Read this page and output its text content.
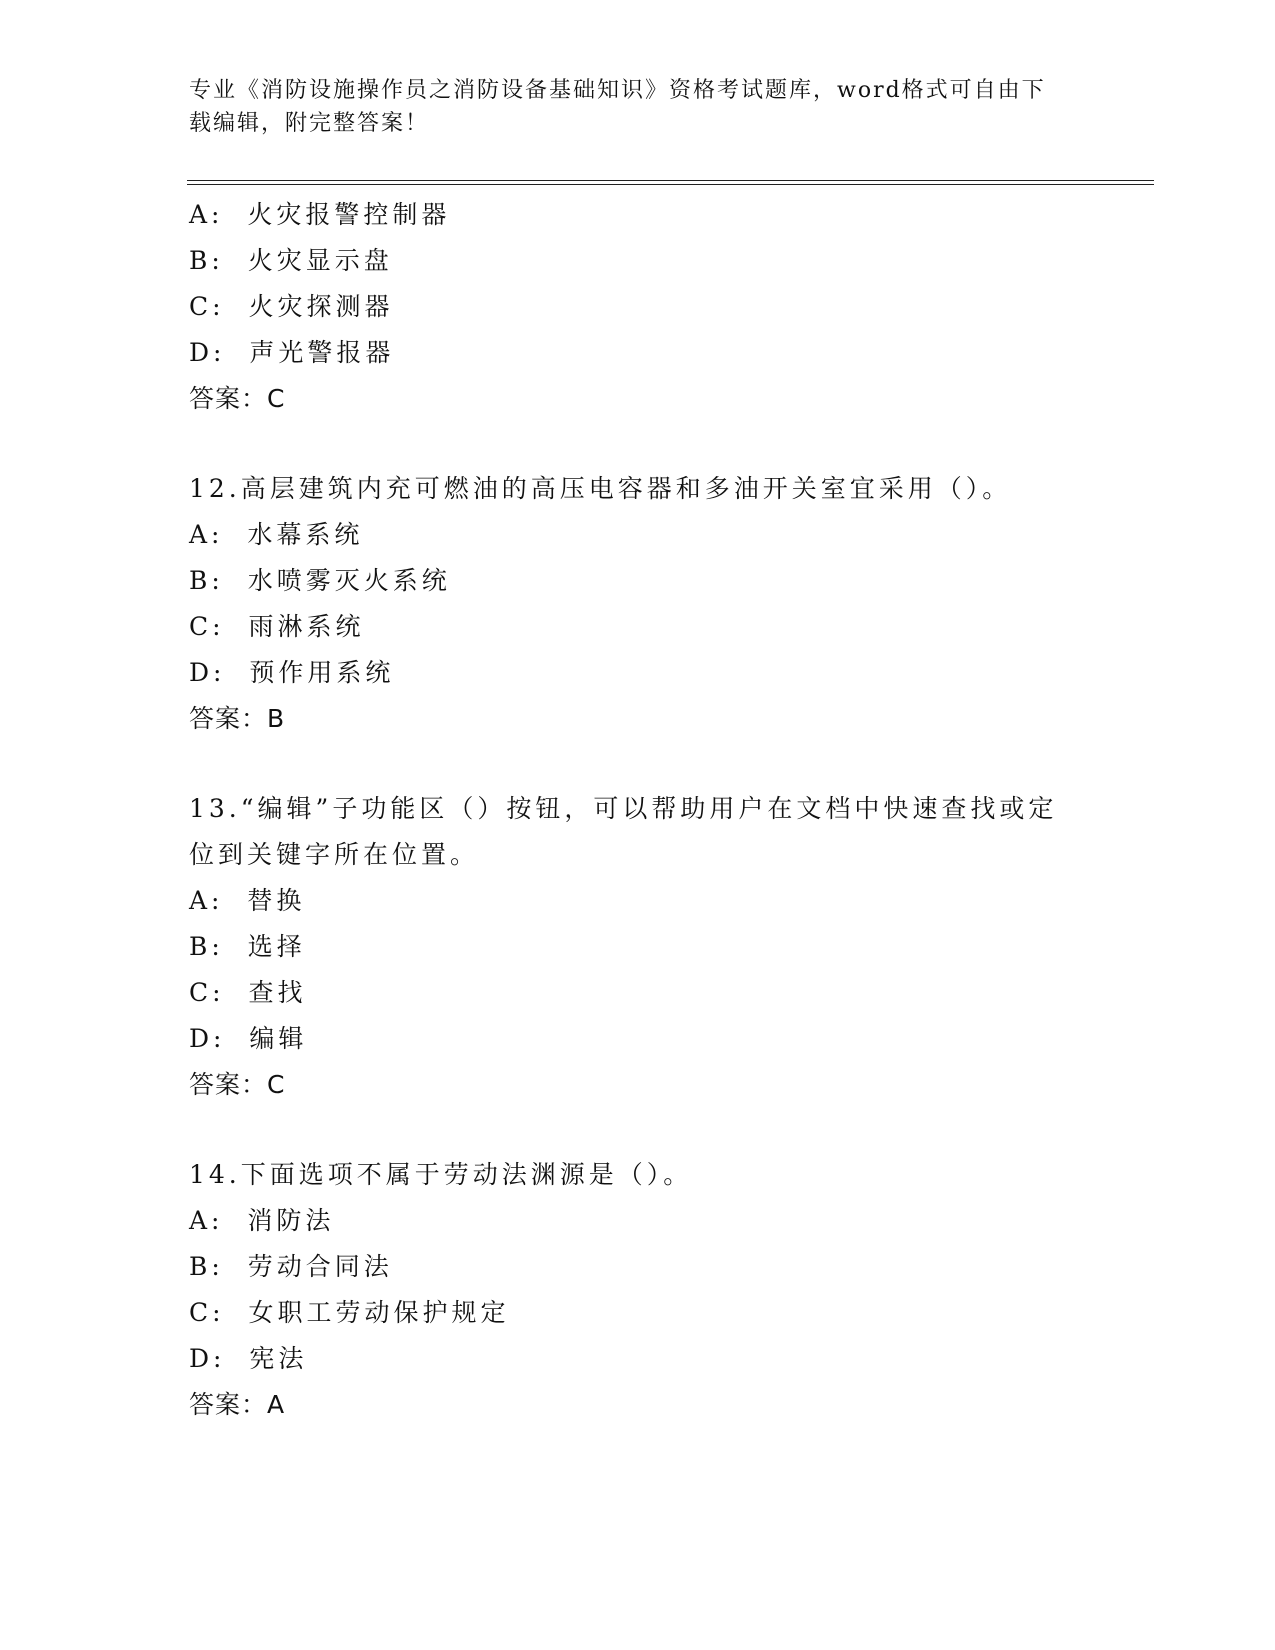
专业《消防设施操作员之消防设备基础知识》资格考试题库，word格式可自由下载编辑，附完整答案！
A: 火灾报警控制器
B: 火灾显示盘
C: 火灾探测器
D: 声光警报器
答案：C
12.高层建筑内充可燃油的高压电容器和多油开关室宜采用（）。
A: 水幕系统
B: 水喷雾灭火系统
C: 雨淋系统
D: 预作用系统
答案：B
13.“编辑”子功能区（）按钮，可以帮助用户在文档中快速查找或定位到关键字所在位置。
A: 替换
B: 选择
C: 查找
D: 编辑
答案：C
14.下面选项不属于劳动法渊源是（）。
A: 消防法
B: 劳动合同法
C: 女职工劳动保护规定
D: 宪法
答案：A
